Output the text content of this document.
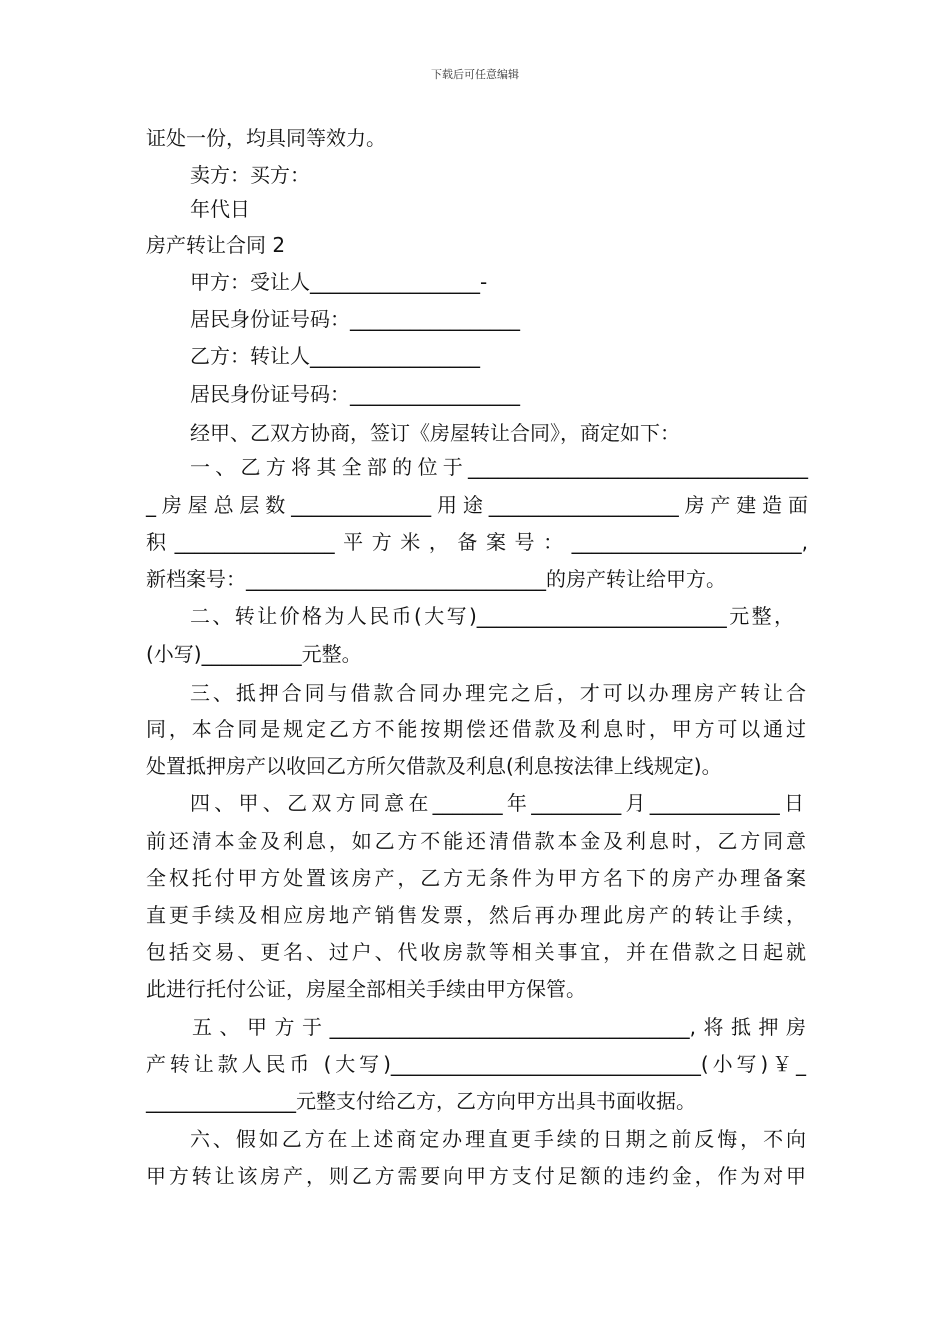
下载后可任意编辑
证处一份，均具同等效力。
卖方：买方：
年代日
房产转让合同 2
甲方：受让人_________________-
居民身份证号码：_________________
乙方：转让人_________________
居民身份证号码：_________________
经甲、乙双方协商，签订《房屋转让合同》，商定如下：
一、乙方将其全部的位于__________________________________
_房屋总层数______________用途___________________房产建造面
积________________平方米，备案号：_______________________,
新档案号：______________________________的房产转让给甲方。
二、转让价格为人民币(大写)_________________________元整，
(小写)__________元整。
三、抵押合同与借款合同办理完之后，才可以办理房产转让合
同，本合同是规定乙方不能按期偿还借款及利息时，甲方可以通过
处置抵押房产以收回乙方所欠借款及利息(利息按法律上线规定)。
四、甲、乙双方同意在_______年_________月_____________日
前还清本金及利息，如乙方不能还清借款本金及利息时，乙方同意
全权托付甲方处置该房产，乙方无条件为甲方名下的房产办理备案
直更手续及相应房地产销售发票，然后再办理此房产的转让手续，
包括交易、更名、过户、代收房款等相关事宜，并在借款之日起就
此进行托付公证，房屋全部相关手续由甲方保管。
五、甲方于____________________________________,将抵押房
产转让款人民币 (大写)_______________________________(小写)￥_
_______________元整支付给乙方，乙方向甲方出具书面收据。
六、假如乙方在上述商定办理直更手续的日期之前反悔，不向
甲方转让该房产，则乙方需要向甲方支付足额的违约金，作为对甲
